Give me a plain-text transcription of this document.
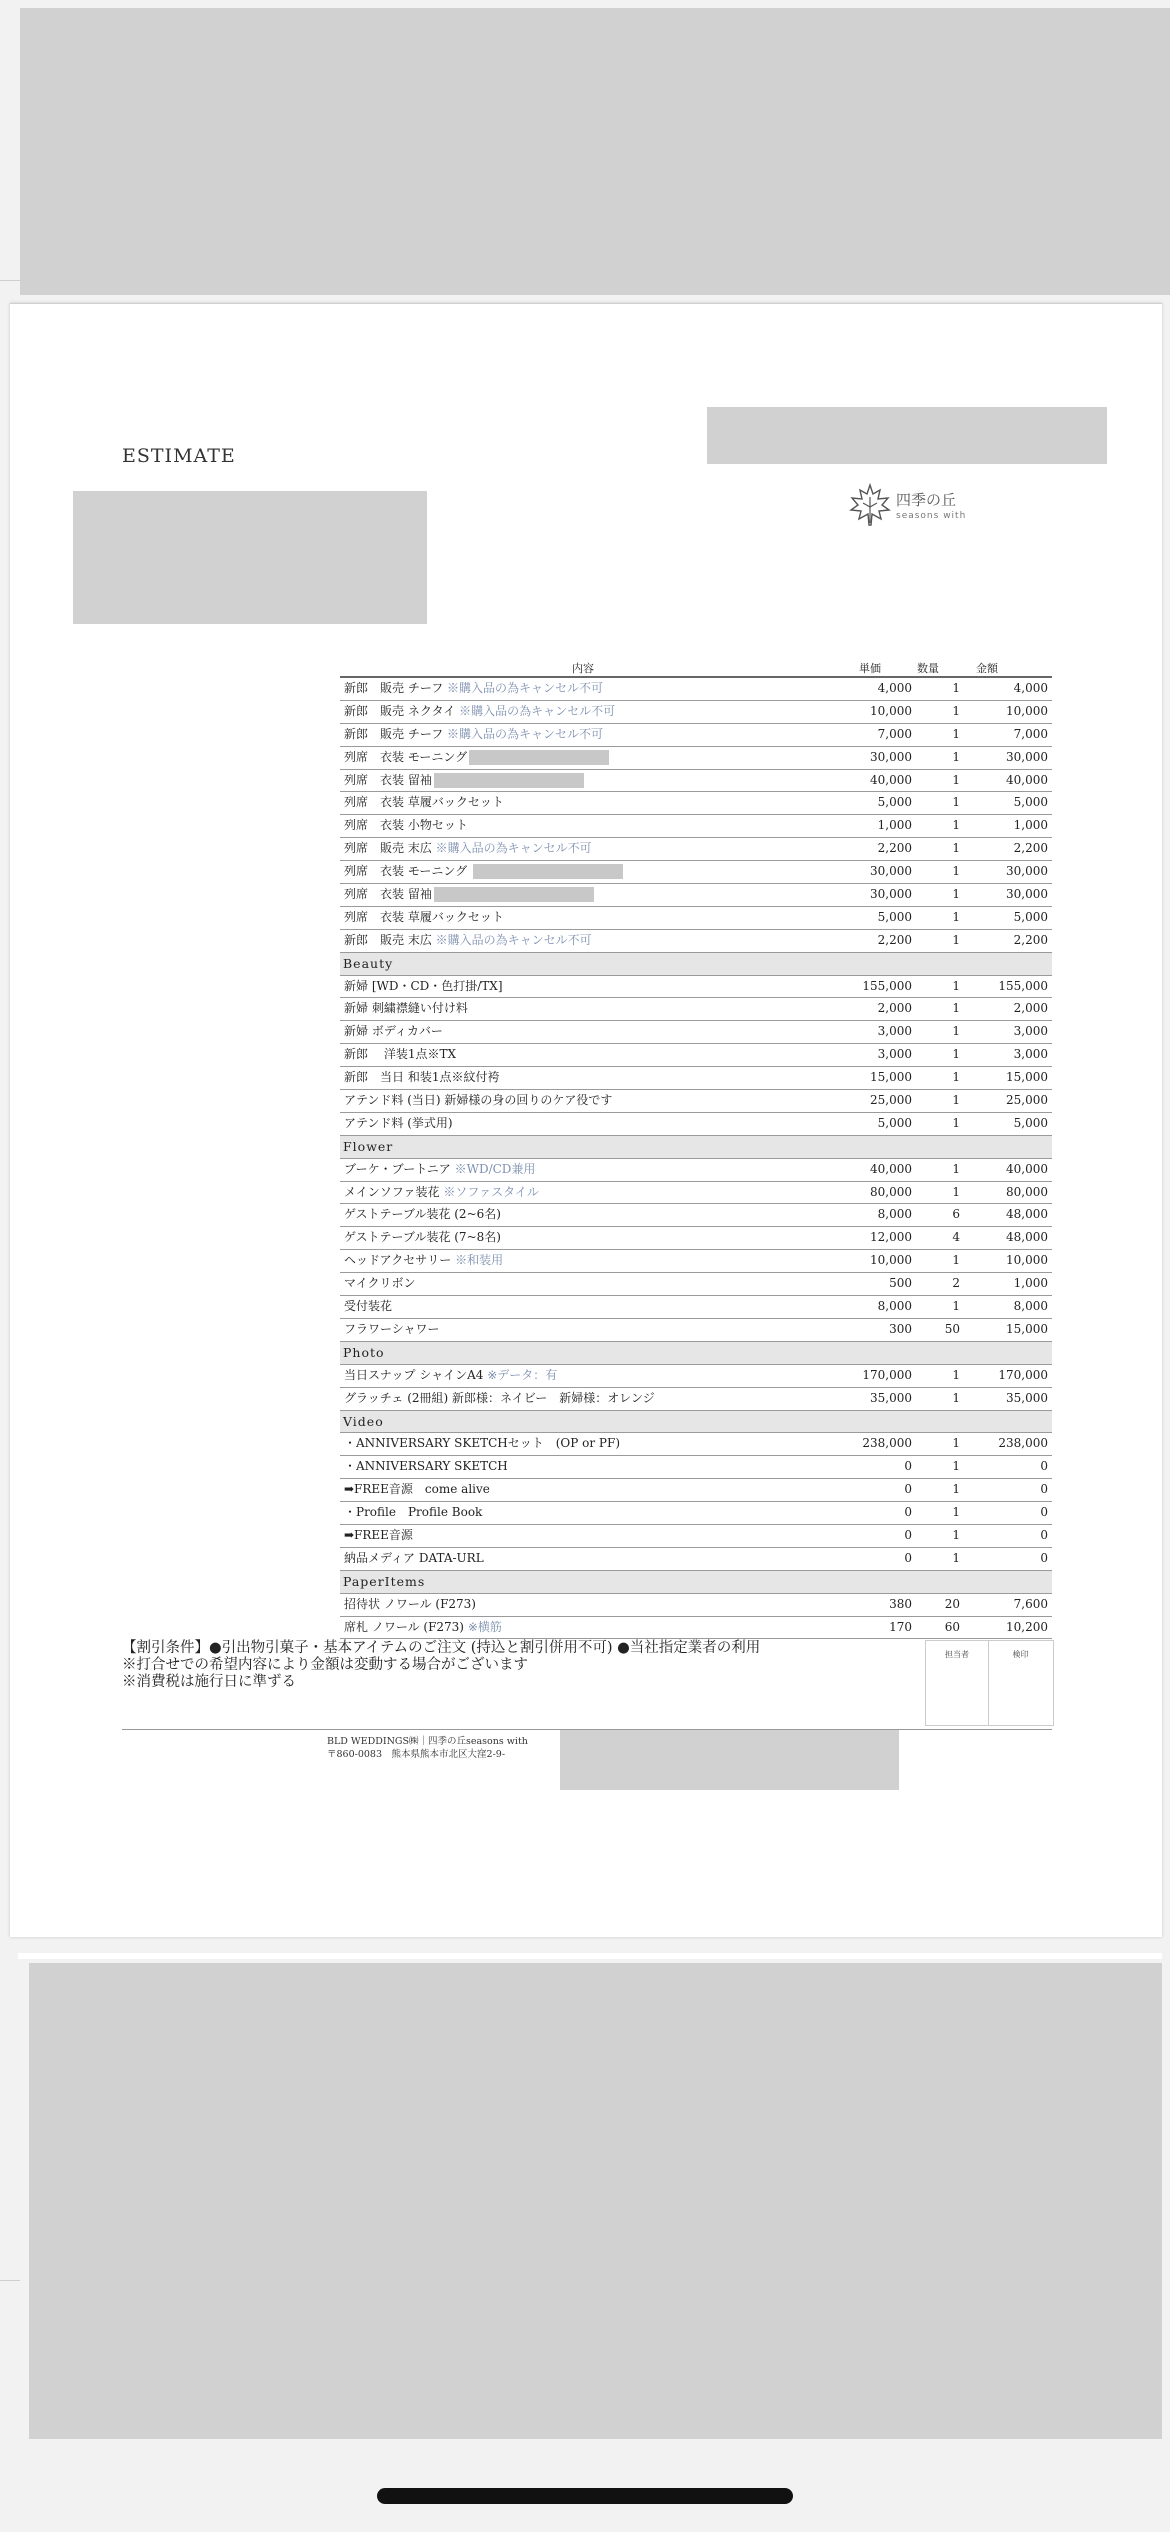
ESTIMATE
四季の丘
seasons with
内容	単価	数量	金額
新郎　販売 チーフ ※購入品の為キャンセル不可	4,000	1	4,000
新郎　販売 ネクタイ ※購入品の為キャンセル不可	10,000	1	10,000
新郎　販売 チーフ ※購入品の為キャンセル不可	7,000	1	7,000
列席　衣装 モーニング	30,000	1	30,000
列席　衣装 留袖	40,000	1	40,000
列席　衣装 草履バックセット	5,000	1	5,000
列席　衣装 小物セット	1,000	1	1,000
列席　販売 末広 ※購入品の為キャンセル不可	2,200	1	2,200
列席　衣装 モーニング	30,000	1	30,000
列席　衣装 留袖	30,000	1	30,000
列席　衣装 草履バックセット	5,000	1	5,000
新郎　販売 末広 ※購入品の為キャンセル不可	2,200	1	2,200
Beauty
新婦 [WD・CD・色打掛/TX]	155,000	1	155,000
新婦 刺繍襟縫い付け料	2,000	1	2,000
新婦 ボディカバー	3,000	1	3,000
新郎　 洋装1点※TX	3,000	1	3,000
新郎　当日 和装1点※紋付袴	15,000	1	15,000
アテンド料 (当日) 新婦様の身の回りのケア役です	25,000	1	25,000
アテンド料 (挙式用)	5,000	1	5,000
Flower
ブーケ・ブートニア ※WD/CD兼用	40,000	1	40,000
メインソファ装花 ※ソファスタイル	80,000	1	80,000
ゲストテーブル装花 (2~6名)	8,000	6	48,000
ゲストテーブル装花 (7~8名)	12,000	4	48,000
ヘッドアクセサリー ※和装用	10,000	1	10,000
マイクリボン	500	2	1,000
受付装花	8,000	1	8,000
フラワーシャワー	300	50	15,000
Photo
当日スナップ シャインA4 ※データ：有	170,000	1	170,000
グラッチェ (2冊組) 新郎様：ネイビー　新婦様：オレンジ	35,000	1	35,000
Video
・ANNIVERSARY SKETCHセット　(OP or PF)	238,000	1	238,000
・ANNIVERSARY SKETCH	0	1	0
➡FREE音源　come alive	0	1	0
・Profile　Profile Book	0	1	0
➡FREE音源	0	1	0
納品メディア DATA-URL	0	1	0
PaperItems
招待状 ノワール (F273)	380	20	7,600
席札 ノワール (F273) ※横筋	170	60	10,200
【割引条件】●引出物引菓子・基本アイテムのご注文 (持込と割引併用不可) ●当社指定業者の利用
※打合せでの希望内容により金額は変動する場合がございます
※消費税は施行日に準ずる
担当者	検印
BLD WEDDINGS㈱｜四季の丘seasons with
〒860-0083　熊本県熊本市北区大窪2-9-
